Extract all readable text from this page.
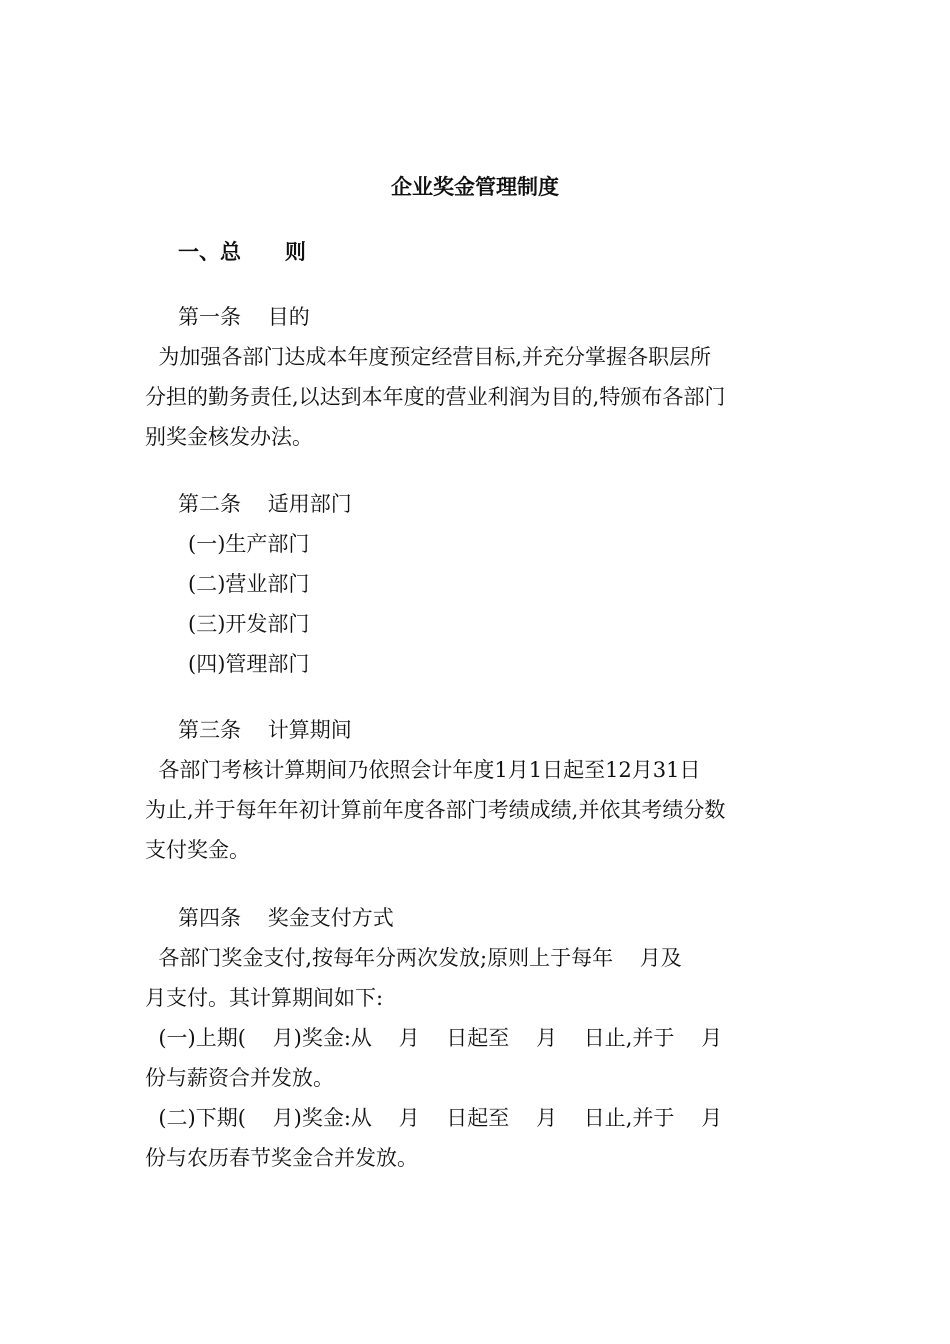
企业奖金管理制度
一、总      则
第一条    目的
为加强各部门达成本年度预定经营目标,并充分掌握各职层所
分担的勤务责任,以达到本年度的营业利润为目的,特颁布各部门
别奖金核发办法。
第二条    适用部门
(一)生产部门
(二)营业部门
(三)开发部门
(四)管理部门
第三条    计算期间
各部门考核计算期间乃依照会计年度1月1日起至12月31日
为止,并于每年年初计算前年度各部门考绩成绩,并依其考绩分数
支付奖金。
第四条    奖金支付方式
各部门奖金支付,按每年分两次发放;原则上于每年    月及
月支付。其计算期间如下:
(一)上期(    月)奖金:从    月    日起至    月    日止,并于    月
份与薪资合并发放。
(二)下期(    月)奖金:从    月    日起至    月    日止,并于    月
份与农历春节奖金合并发放。
